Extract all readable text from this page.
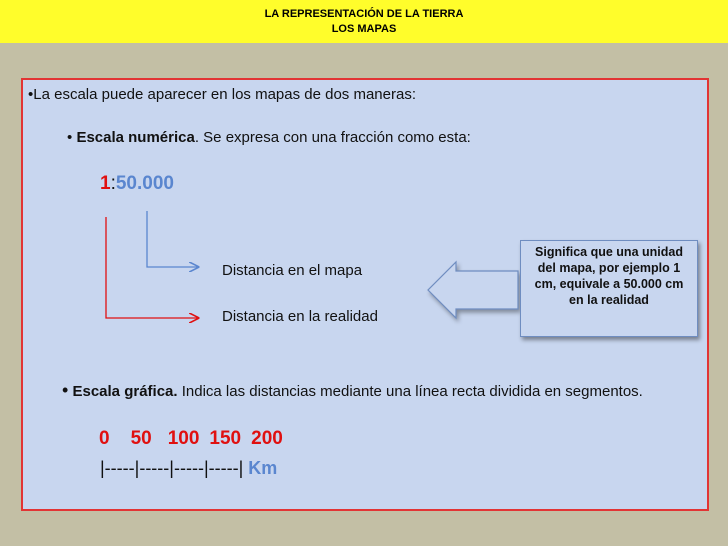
LA REPRESENTACIÓN DE LA TIERRA
LOS MAPAS
•La escala puede aparecer en los mapas de dos maneras:
• Escala numérica. Se expresa con una fracción como esta:
1:50.000
Distancia en el mapa
Distancia en la realidad
Significa que una unidad del mapa, por ejemplo 1 cm, equivale a 50.000 cm en la realidad
• Escala gráfica. Indica las distancias mediante una línea recta dividida en segmentos.
0 50 100 150 200
|-----|-----|-----|-----| Km
